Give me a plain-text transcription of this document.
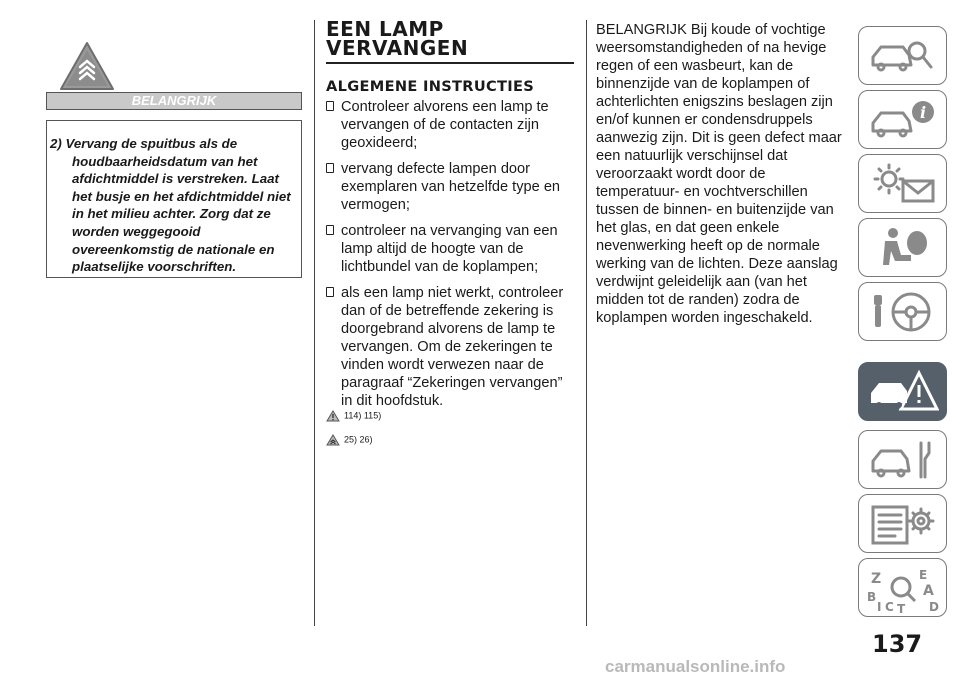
BELANGRIJK

2) Vervang de spuitbus als de houdbaarheidsdatum van het afdichtmiddel is verstreken. Laat het busje en het afdichtmiddel niet in het milieu achter. Zorg dat ze worden weggegooid overeenkomstig de nationale en plaatselijke voorschriften.

EEN LAMP
VERVANGEN
ALGEMENE INSTRUCTIES
Controleer alvorens een lamp te vervangen of de contacten zijn geoxideerd;
vervang defecte lampen door exemplaren van hetzelfde type en vermogen;
controleer na vervanging van een lamp altijd de hoogte van de lichtbundel van de koplampen;
als een lamp niet werkt, controleer dan of de betreffende zekering is doorgebrand alvorens de lamp te vervangen. Om de zekeringen te vinden wordt verwezen naar de paragraaf “Zekeringen vervangen” in dit hoofdstuk.
114) 115)
25) 26)

BELANGRIJK Bij koude of vochtige weersomstandigheden of na hevige regen of een wasbeurt, kan de binnenzijde van de koplampen of achterlichten enigszins beslagen zijn en/of kunnen er condensdruppels aanwezig zijn. Dit is geen defect maar een natuurlijk verschijnsel dat veroorzaakt wordt door de temperatuur- en vochtverschillen tussen de binnen- en buitenzijde van het glas, en dat geen enkele nevenwerking heeft op de normale werking van de lichten. Deze aanslag verdwijnt geleidelijk aan (van het midden tot de randen) zodra de koplampen worden ingeschakeld.

i
Z	E
A
B
C
I T D
137
carmanualsonline.info
